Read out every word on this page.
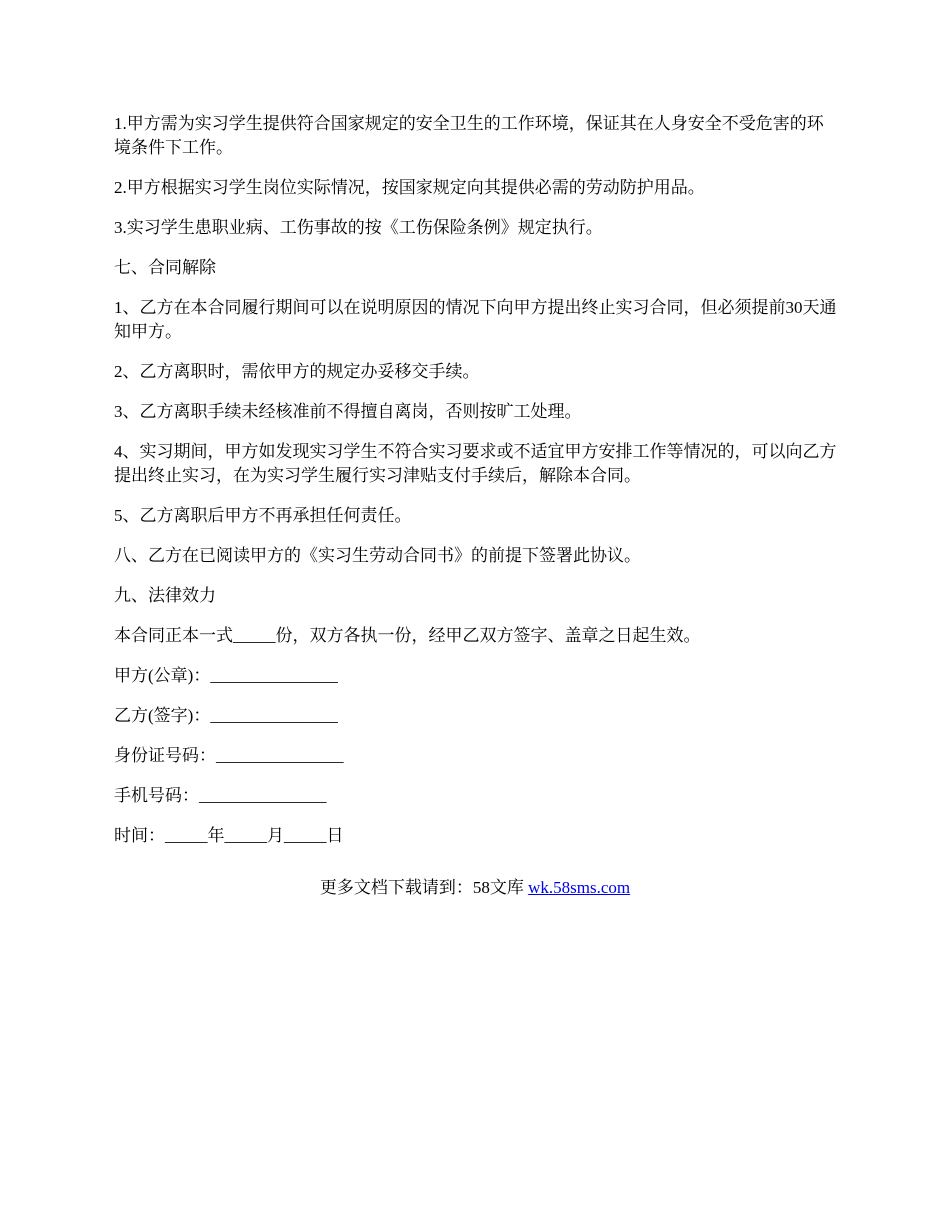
1.甲方需为实习学生提供符合国家规定的安全卫生的工作环境，保证其在人身安全不受危害的环境条件下工作。

2.甲方根据实习学生岗位实际情况，按国家规定向其提供必需的劳动防护用品。

3.实习学生患职业病、工伤事故的按《工伤保险条例》规定执行。

七、合同解除

1、乙方在本合同履行期间可以在说明原因的情况下向甲方提出终止实习合同，但必须提前30天通知甲方。

2、乙方离职时，需依甲方的规定办妥移交手续。

3、乙方离职手续未经核准前不得擅自离岗，否则按旷工处理。

4、实习期间，甲方如发现实习学生不符合实习要求或不适宜甲方安排工作等情况的，可以向乙方提出终止实习，在为实习学生履行实习津贴支付手续后，解除本合同。

5、乙方离职后甲方不再承担任何责任。

八、乙方在已阅读甲方的《实习生劳动合同书》的前提下签署此协议。

九、法律效力

本合同正本一式_____份，双方各执一份，经甲乙双方签字、盖章之日起生效。

甲方(公章)：_______________

乙方(签字)：_______________

身份证号码：_______________

手机号码：_______________

时间：_____年_____月_____日

更多文档下载请到：58文库 wk.58sms.com
